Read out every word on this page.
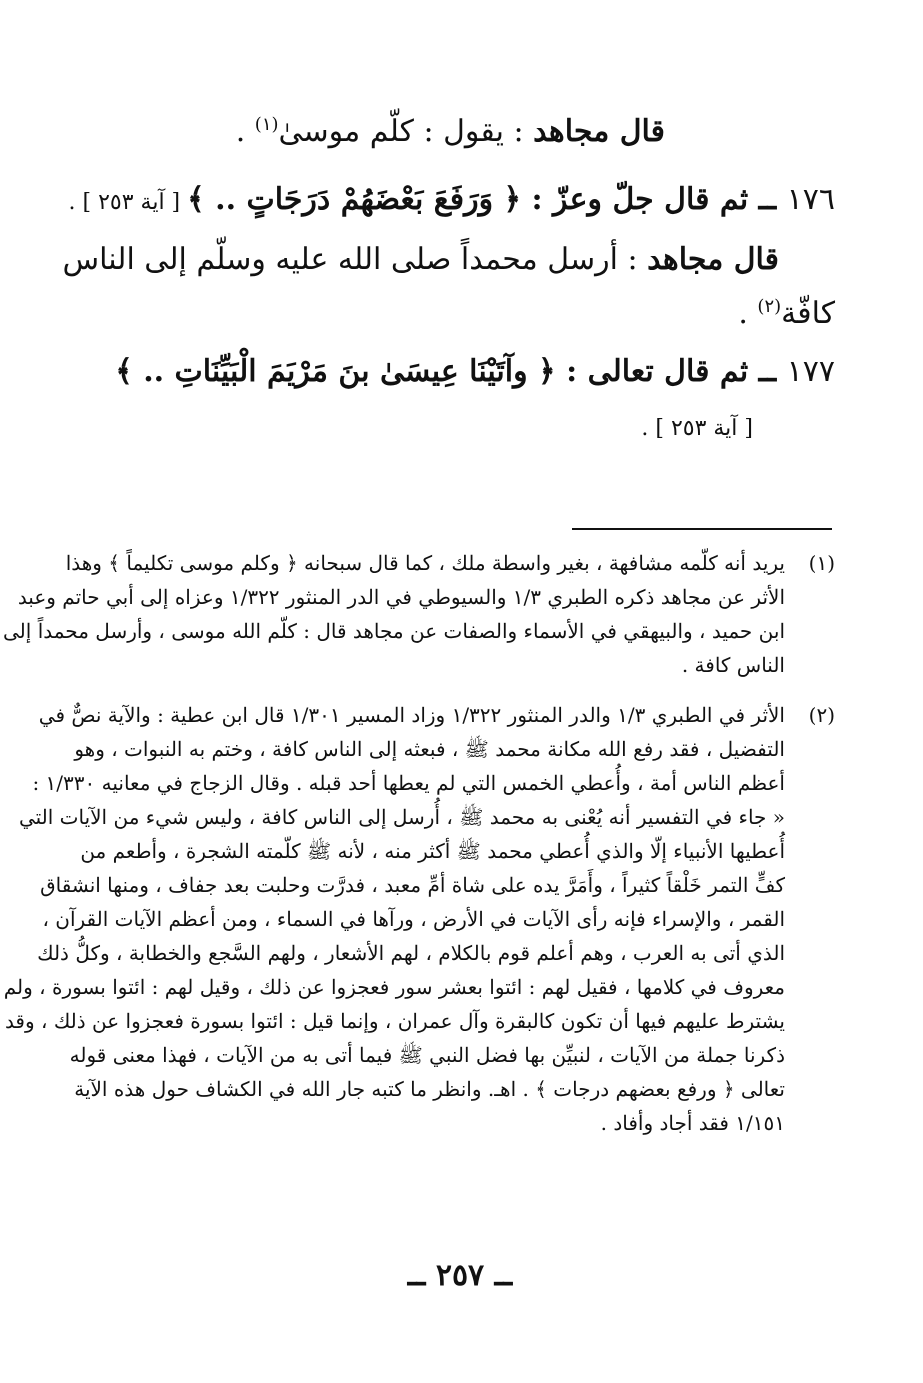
قال مجاهد : يقول : كلّم موسىٰ$^{(١)}$ .
١٧٦ ــ ثم قال جلّ وعزّ : ﴿ وَرَفَعَ بَعْضَهُمْ دَرَجَاتٍ .. ﴾ [ آية ٢٥٣ ] .
قال مجاهد : أرسل محمداً صلى الله عليه وسلّم إلى الناس
كافّة$^{(٢)}$ .
١٧٧ ــ ثم قال تعالى : ﴿ وآتَيْنَا عِيسَىٰ بنَ مَرْيَمَ الْبَيِّنَاتِ .. ﴾
[ آية ٢٥٣ ] .
(١)
يريد أنه كلّمه مشافهة ، بغير واسطة ملك ، كما قال سبحانه ﴿ وكلم موسى تكليماً ﴾ وهذا
الأثر عن مجاهد ذكره الطبري ١/٣ والسيوطي في الدر المنثور ١/٣٢٢ وعزاه إلى أبي حاتم وعبد
ابن حميد ، والبيهقي في الأسماء والصفات عن مجاهد قال : كلّم الله موسى ، وأرسل محمداً إلى
الناس كافة .
(٢)
الأثر في الطبري ١/٣ والدر المنثور ١/٣٢٢ وزاد المسير ١/٣٠١ قال ابن عطية : والآية نصٌّ في
التفضيل ، فقد رفع الله مكانة محمد ﷺ ، فبعثه إلى الناس كافة ، وختم به النبوات ، وهو
أعظم الناس أمة ، وأُعطي الخمس التي لم يعطها أحد قبله . وقال الزجاج في معانيه ١/٣٣٠ :
« جاء في التفسير أنه يُعْنى به محمد ﷺ ، أُرسل إلى الناس كافة ، وليس شيء من الآيات التي
أُعطيها الأنبياء إلّا والذي أُعطي محمد ﷺ أكثر منه ، لأنه ﷺ كلّمته الشجرة ، وأطعم من
كفٍّ التمر خَلْقاً كثيراً ، وأَمَرَّ يده على شاة أمِّ معبد ، فدرَّت وحلبت بعد جفاف ، ومنها انشقاق
القمر ، والإسراء فإنه رأى الآيات في الأرض ، ورآها في السماء ، ومن أعظم الآيات القرآن ،
الذي أتى به العرب ، وهم أعلم قوم بالكلام ، لهم الأشعار ، ولهم السَّجع والخطابة ، وكلُّ ذلك
معروف في كلامها ، فقيل لهم : ائتوا بعشر سور فعجزوا عن ذلك ، وقيل لهم : ائتوا بسورة ، ولم
يشترط عليهم فيها أن تكون كالبقرة وآل عمران ، وإنما قيل : ائتوا بسورة فعجزوا عن ذلك ، وقد
ذكرنا جملة من الآيات ، لنبيِّن بها فضل النبي ﷺ فيما أتى به من الآيات ، فهذا معنى قوله
تعالى ﴿ ورفع بعضهم درجات ﴾ . اهـ. وانظر ما كتبه جار الله في الكشاف حول هذه الآية
١/١٥١ فقد أجاد وأفاد .
ــ ٢٥٧ ــ
